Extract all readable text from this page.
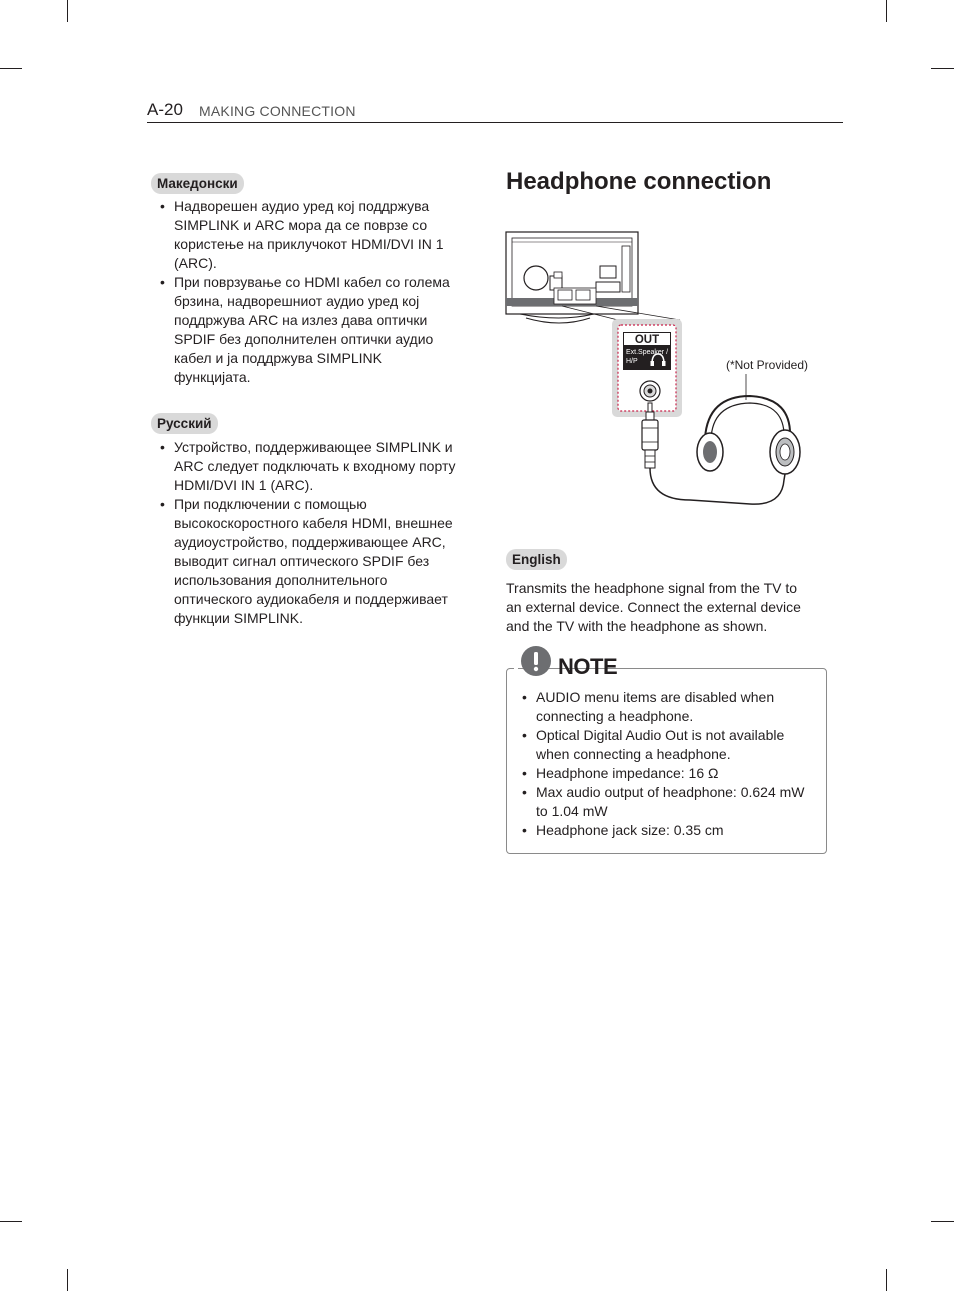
A-20 MAKING CONNECTION
Македонски
• Надворешен аудио уред кој поддржува SIMPLINK и ARC мора да се поврзе со користење на приклучокот HDMI/DVI IN 1 (ARC).
• При поврзување со HDMI кабел со голема брзина, надворешниот аудио уред кој поддржува ARC на излез дава оптички SPDIF без дополнителен оптички аудио кабел и ја поддржува SIMPLINK функцијата.
Русский
• Устройство, поддерживающее SIMPLINK и ARC следует подключать к входному порту HDMI/DVI IN 1 (ARC).
• При подключении с помощью высокоскоростного кабеля HDMI, внешнее аудиоустройство, поддерживающее ARC, выводит сигнал оптического SPDIF без использования дополнительного оптического аудиокабеля и поддерживает функции SIMPLINK.
Headphone connection
OUT
Ext.Speaker /
H/P	(*Not Provided)
English

Transmits the headphone signal from the TV to an external device. Connect the external device and the TV with the headphone as shown.

NOTE
• AUDIO menu items are disabled when connecting a headphone.
• Optical Digital Audio Out is not available when connecting a headphone.
• Headphone impedance: 16 Ω
• Max audio output of headphone: 0.624 mW to 1.04 mW
• Headphone jack size: 0.35 cm
